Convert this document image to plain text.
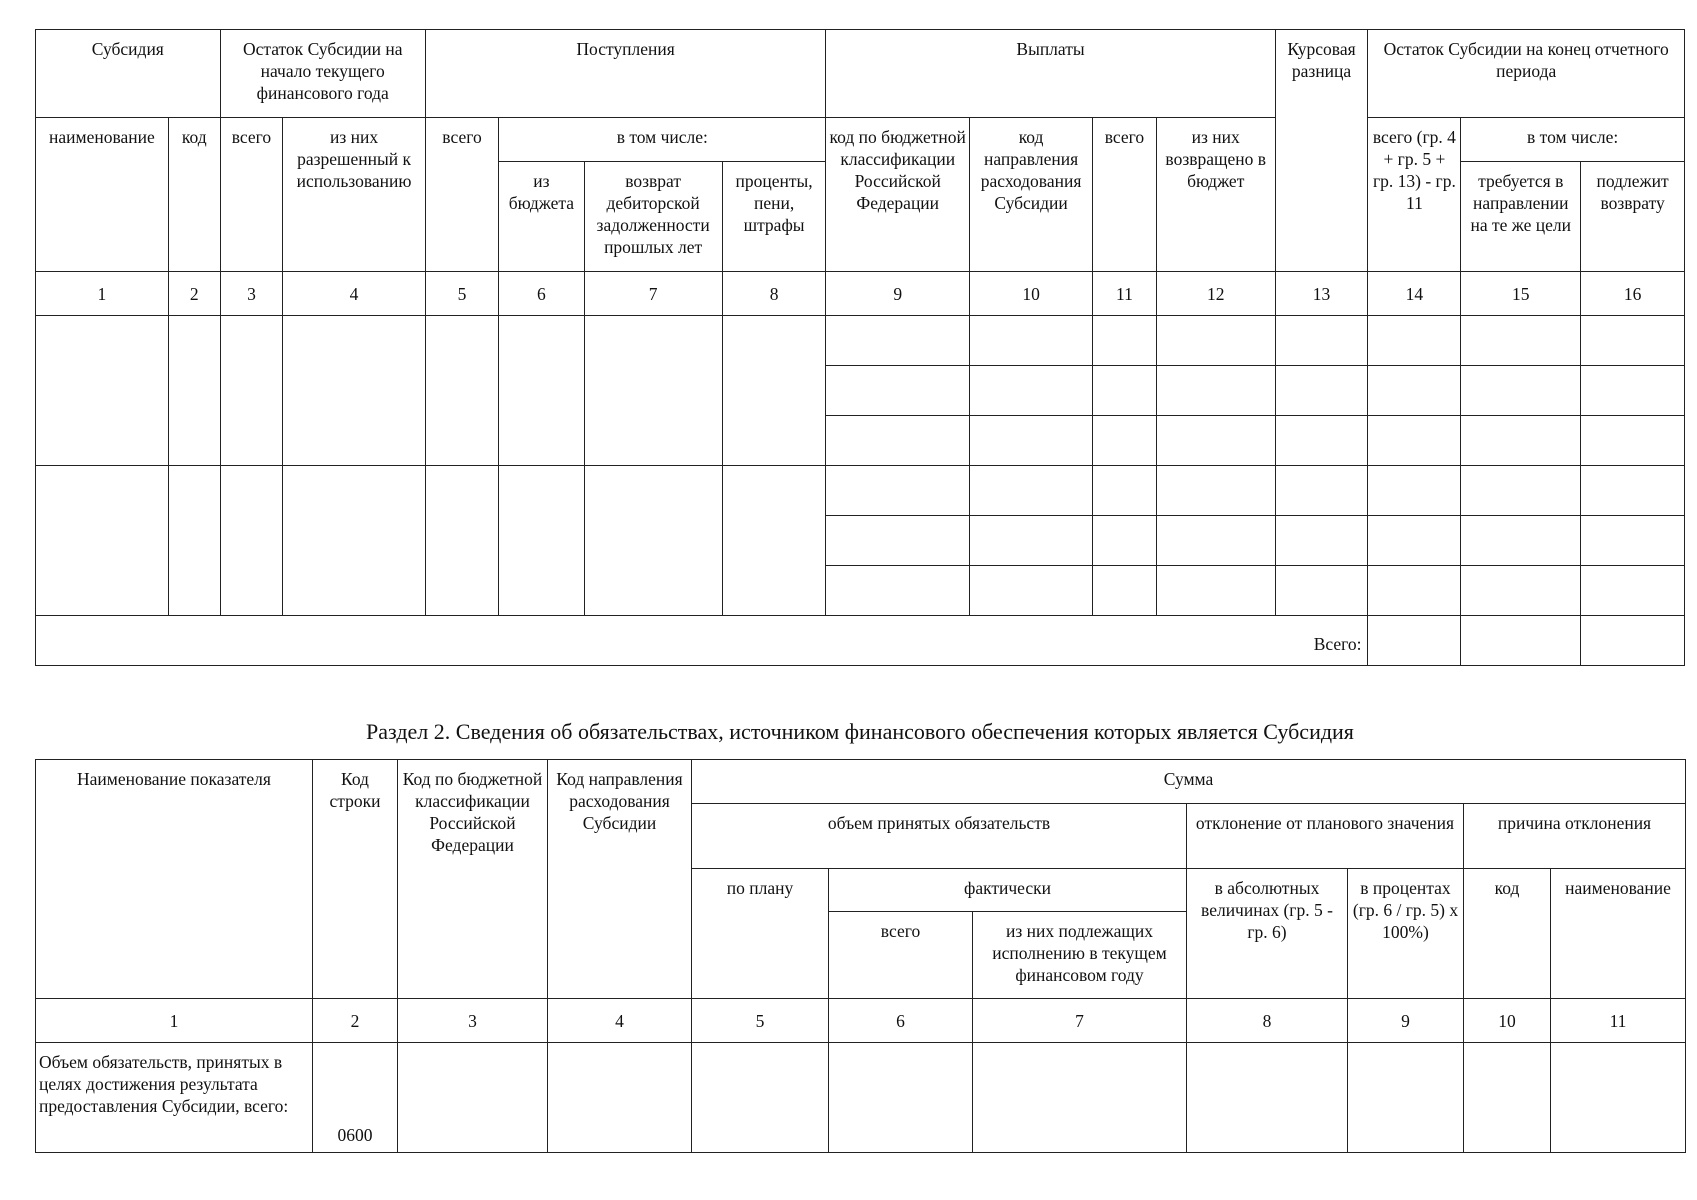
Субсидия		Остаток Субсидии на начало текущего финансового года		Поступления				Выплаты				Курсовая разница	Остаток Субсидии на конец отчетного периода		
наименование	код	всего	из них разрешенный к использованию	всего	в том числе:			код по бюджетной классификации Российской Федерации	код направления расходования Субсидии	всего	из них возвращено в бюджет		всего (гр. 4 + гр. 5 + гр. 13) - гр. 11	в том числе:	
					из бюджета	возврат дебиторской задолженности прошлых лет	проценты, пени, штрафы							требуется в направлении на те же цели	подлежит возврату
1	2	3	4	5	6	7	8	9	10	11	12	13	14	15	16

Всего:															
Раздел 2. Сведения об обязательствах, источником финансового обеспечения которых является Субсидия
Наименование показателя	Код строки	Код по бюджетной классификации Российской Федерации	Код направления расходования Субсидии	Сумма						
				объем принятых обязательств			отклонение от планового значения		причина отклонения	
				по плану	фактически		в абсолютных величинах (гр. 5 - гр. 6)	в процентах (гр. 6 / гр. 5) x 100%)	код	наименование
					всего	из них подлежащих исполнению в текущем финансовом году				
1	2	3	4	5	6	7	8	9	10	11
Объем обязательств, принятых в целях достижения результата предоставления Субсидии, всего:	0600									
